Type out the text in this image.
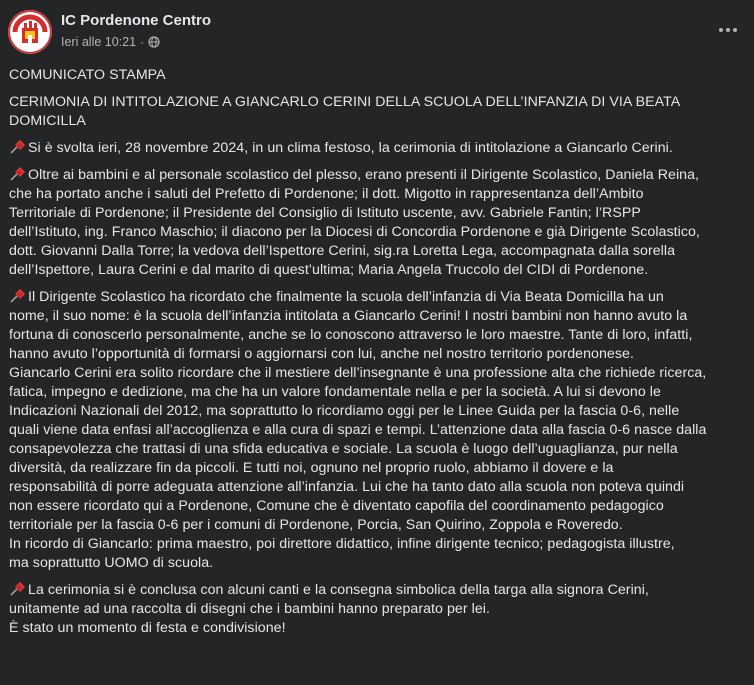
IC Pordenone Centro
Ieri alle 10:21 ·

COMUNICATO STAMPA

CERIMONIA DI INTITOLAZIONE A GIANCARLO CERINI DELLA SCUOLA DELL’INFANZIA DI VIA BEATA
DOMICILLA

Si è svolta ieri, 28 novembre 2024, in un clima festoso, la cerimonia di intitolazione a Giancarlo Cerini.

Oltre ai bambini e al personale scolastico del plesso, erano presenti il Dirigente Scolastico, Daniela Reina,
che ha portato anche i saluti del Prefetto di Pordenone; il dott. Migotto in rappresentanza dell’Ambito
Territoriale di Pordenone; il Presidente del Consiglio di Istituto uscente, avv. Gabriele Fantin; l’RSPP
dell’Istituto, ing. Franco Maschio; il diacono per la Diocesi di Concordia Pordenone e già Dirigente Scolastico,
dott. Giovanni Dalla Torre; la vedova dell’Ispettore Cerini, sig.ra Loretta Lega, accompagnata dalla sorella
dell’Ispettore, Laura Cerini e dal marito di quest’ultima; Maria Angela Truccolo del CIDI di Pordenone.

Il Dirigente Scolastico ha ricordato che finalmente la scuola dell’infanzia di Via Beata Domicilla ha un
nome, il suo nome: è la scuola dell’infanzia intitolata a Giancarlo Cerini! I nostri bambini non hanno avuto la
fortuna di conoscerlo personalmente, anche se lo conoscono attraverso le loro maestre. Tante di loro, infatti,
hanno avuto l’opportunità di formarsi o aggiornarsi con lui, anche nel nostro territorio pordenonese.
Giancarlo Cerini era solito ricordare che il mestiere dell’insegnante è una professione alta che richiede ricerca,
fatica, impegno e dedizione, ma che ha un valore fondamentale nella e per la società. A lui si devono le
Indicazioni Nazionali del 2012, ma soprattutto lo ricordiamo oggi per le Linee Guida per la fascia 0-6, nelle
quali viene data enfasi all’accoglienza e alla cura di spazi e tempi. L’attenzione data alla fascia 0-6 nasce dalla
consapevolezza che trattasi di una sfida educativa e sociale. La scuola è luogo dell’uguaglianza, pur nella
diversità, da realizzare fin da piccoli. E tutti noi, ognuno nel proprio ruolo, abbiamo il dovere e la
responsabilità di porre adeguata attenzione all’infanzia. Lui che ha tanto dato alla scuola non poteva quindi
non essere ricordato qui a Pordenone, Comune che è diventato capofila del coordinamento pedagogico
territoriale per la fascia 0-6 per i comuni di Pordenone, Porcia, San Quirino, Zoppola e Roveredo.
In ricordo di Giancarlo: prima maestro, poi direttore didattico, infine dirigente tecnico; pedagogista illustre,
ma soprattutto UOMO di scuola.

La cerimonia si è conclusa con alcuni canti e la consegna simbolica della targa alla signora Cerini,
unitamente ad una raccolta di disegni che i bambini hanno preparato per lei.
È stato un momento di festa e condivisione!
